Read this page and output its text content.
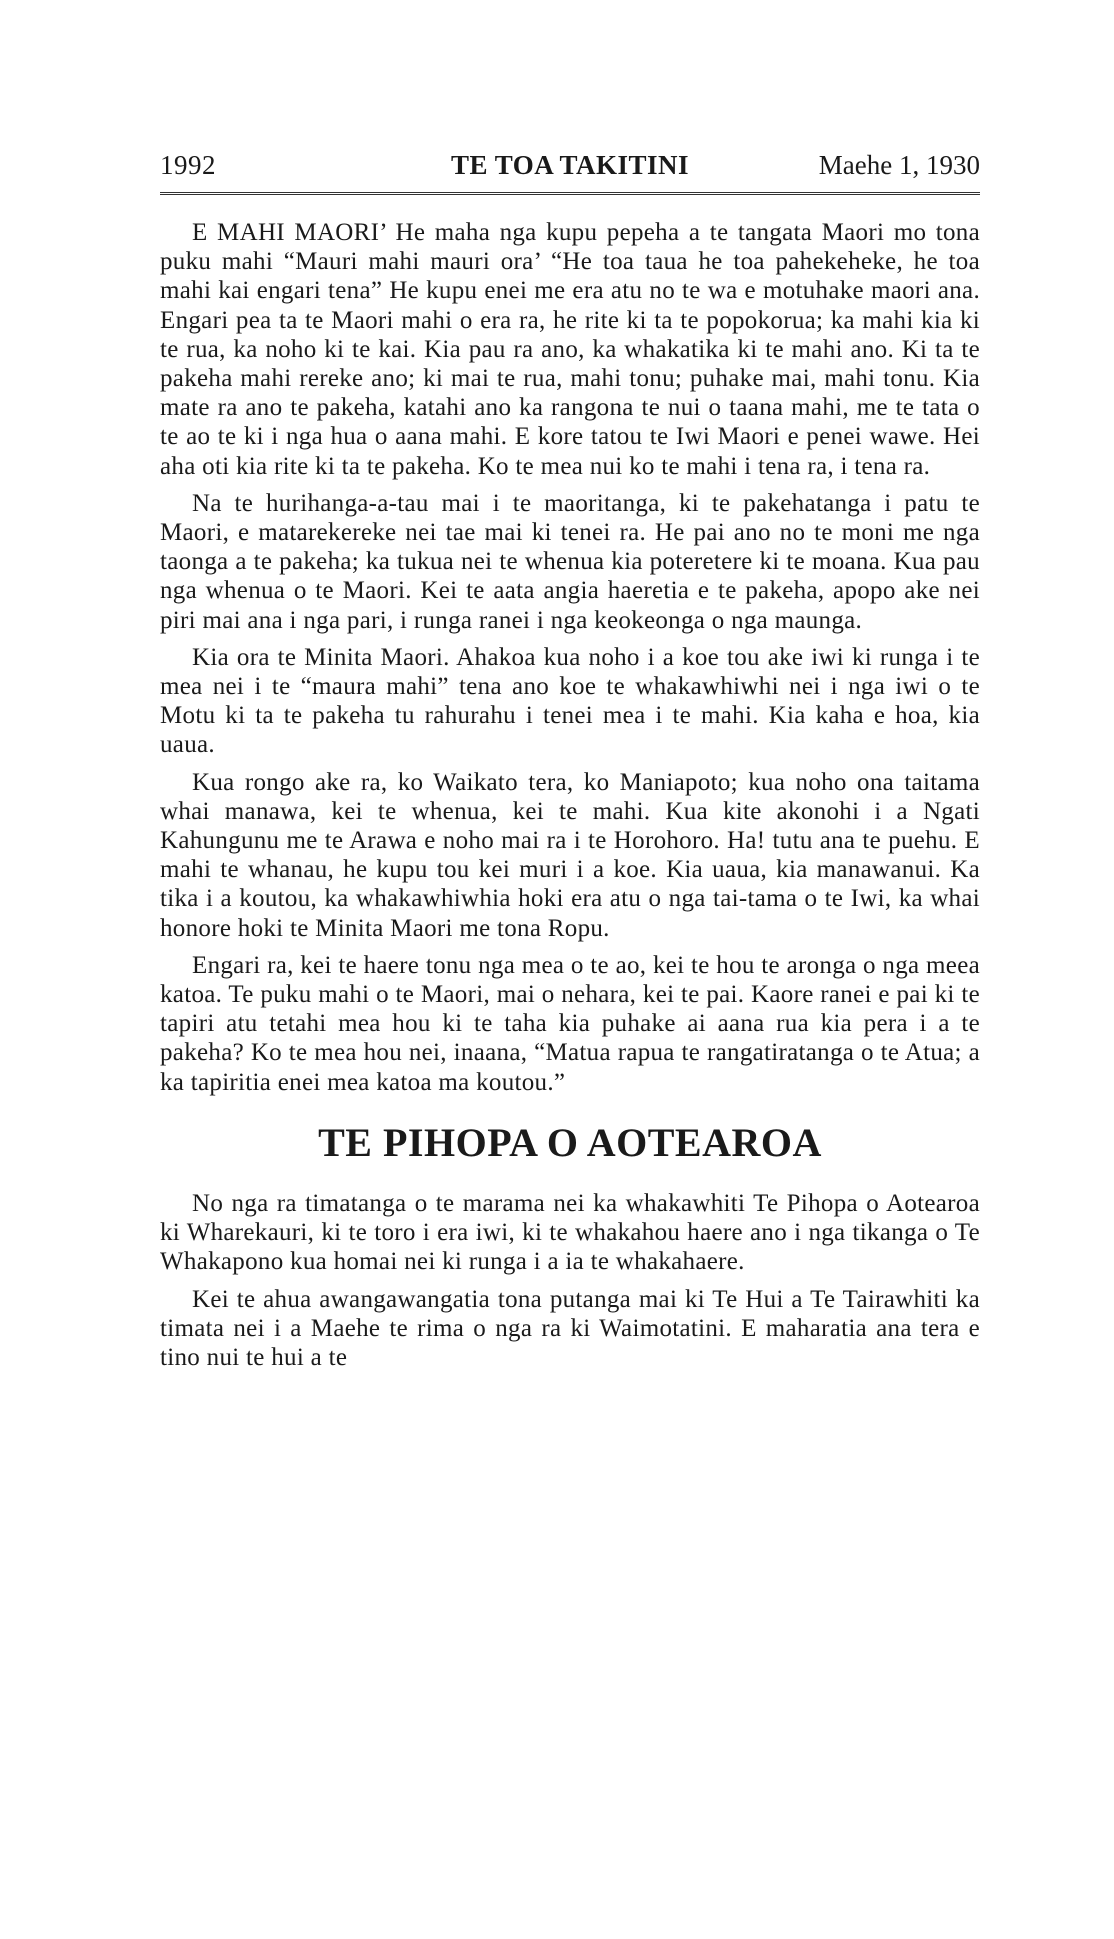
1992	TE TOA TAKITINI	Maehe 1, 1930

E MAHI MAORI’ He maha nga kupu pepeha a te tangata Maori mo tona puku mahi “Mauri mahi mauri ora’ “He toa taua he toa pahekeheke, he toa mahi kai engari tena” He kupu enei me era atu no te wa e motuhake maori ana. Engari pea ta te Maori mahi o era ra, he rite ki ta te popokorua; ka mahi kia ki te rua, ka noho ki te kai. Kia pau ra ano, ka whakatika ki te mahi ano. Ki ta te pakeha mahi rereke ano; ki mai te rua, mahi tonu; puhake mai, mahi tonu. Kia mate ra ano te pakeha, katahi ano ka rangona te nui o taana mahi, me te tata o te ao te ki i nga hua o aana mahi. E kore tatou te Iwi Maori e penei wawe. Hei aha oti kia rite ki ta te pakeha. Ko te mea nui ko te mahi i tena ra, i tena ra.

Na te hurihanga-a-tau mai i te maoritanga, ki te pakehatanga i patu te Maori, e matarekereke nei tae mai ki tenei ra. He pai ano no te moni me nga taonga a te pakeha; ka tukua nei te whenua kia poteretere ki te moana. Kua pau nga whenua o te Maori. Kei te aata angia haeretia e te pakeha, apopo ake nei piri mai ana i nga pari, i runga ranei i nga keokeonga o nga maunga.

Kia ora te Minita Maori. Ahakoa kua noho i a koe tou ake iwi ki runga i te mea nei i te “maura mahi” tena ano koe te whakawhiwhi nei i nga iwi o te Motu ki ta te pakeha tu rahurahu i tenei mea i te mahi. Kia kaha e hoa, kia uaua.

Kua rongo ake ra, ko Waikato tera, ko Maniapoto; kua noho ona taitama whai manawa, kei te whenua, kei te mahi. Kua kite akonohi i a Ngati Kahungunu me te Arawa e noho mai ra i te Horohoro. Ha! tutu ana te puehu. E mahi te whanau, he kupu tou kei muri i a koe. Kia uaua, kia manawanui. Ka tika i a koutou, ka whakawhiwhia hoki era atu o nga tai-tama o te Iwi, ka whai honore hoki te Minita Maori me tona Ropu.

Engari ra, kei te haere tonu nga mea o te ao, kei te hou te aronga o nga meea katoa. Te puku mahi o te Maori, mai o nehara, kei te pai. Kaore ranei e pai ki te tapiri atu tetahi mea hou ki te taha kia puhake ai aana rua kia pera i a te pakeha? Ko te mea hou nei, inaana, “Matua rapua te rangatiratanga o te Atua; a ka tapiritia enei mea katoa ma koutou.”

TE PIHOPA O AOTEAROA

No nga ra timatanga o te marama nei ka whakawhiti Te Pihopa o Aotearoa ki Wharekauri, ki te toro i era iwi, ki te whakahou haere ano i nga tikanga o Te Whakapono kua homai nei ki runga i a ia te whakahaere.

Kei te ahua awangawangatia tona putanga mai ki Te Hui a Te Tairawhiti ka timata nei i a Maehe te rima o nga ra ki Waimotatini. E maharatia ana tera e tino nui te hui a te
